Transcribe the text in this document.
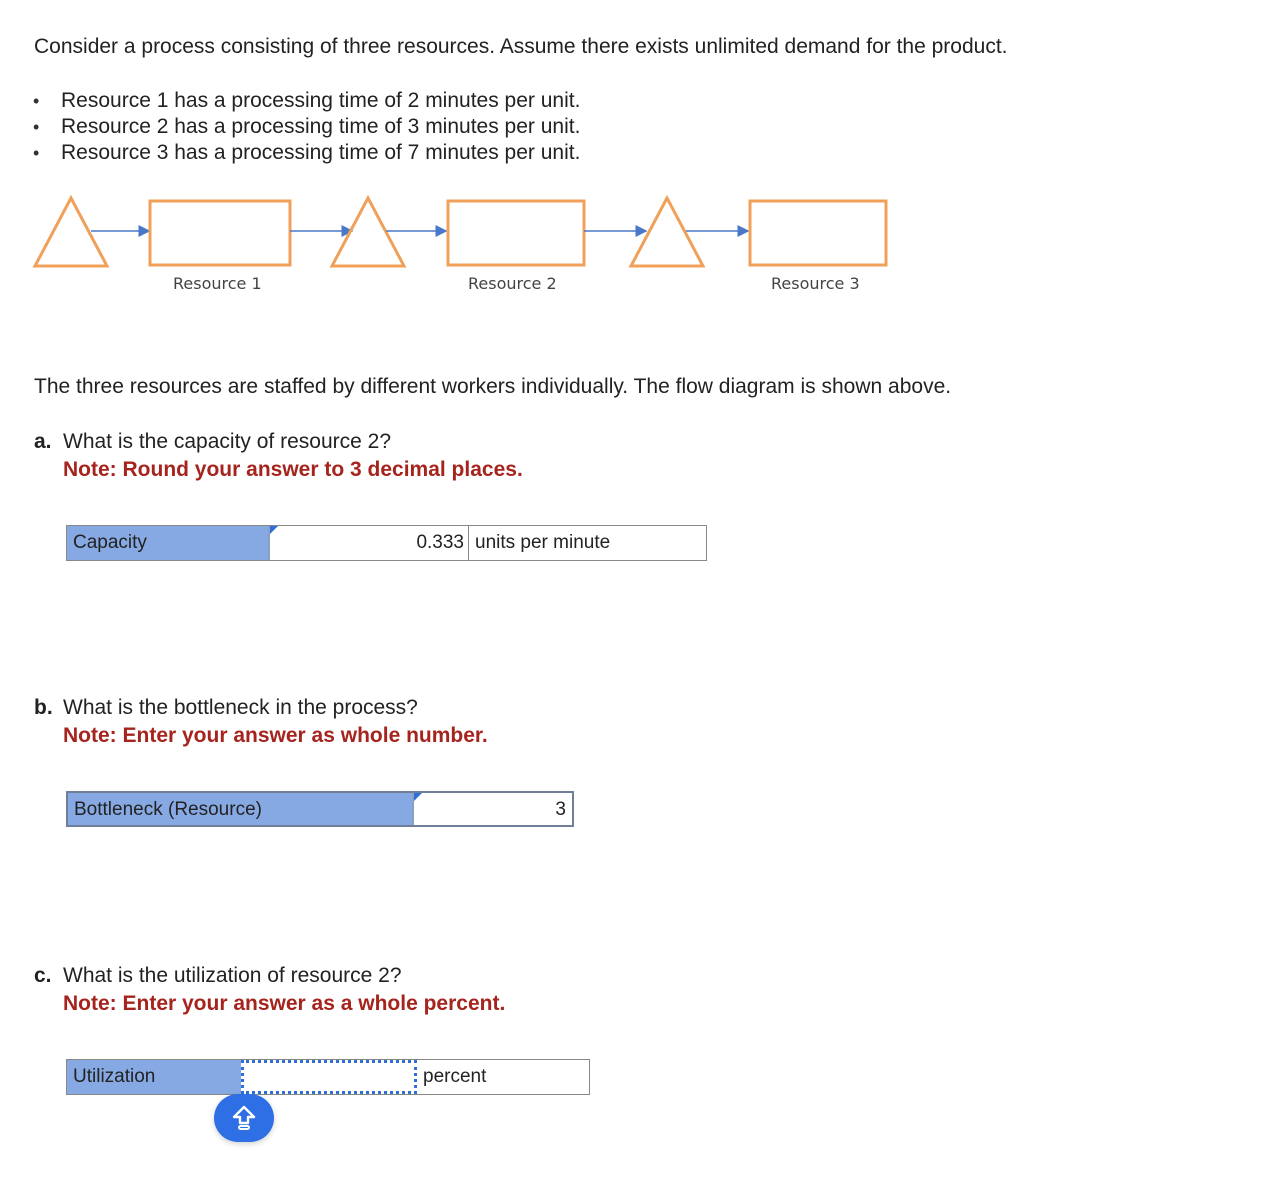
Consider a process consisting of three resources. Assume there exists unlimited demand for the product.
• Resource 1 has a processing time of 2 minutes per unit.
• Resource 2 has a processing time of 3 minutes per unit.
• Resource 3 has a processing time of 7 minutes per unit.
Resource 1	Resource 2	Resource 3
The three resources are staffed by different workers individually. The flow diagram is shown above.
a. What is the capacity of resource 2?
Note: Round your answer to 3 decimal places.
Capacity	0.333 units per minute
b. What is the bottleneck in the process?
Note: Enter your answer as whole number.
Bottleneck (Resource)	3
c. What is the utilization of resource 2?
Note: Enter your answer as a whole percent.
Utilization	percent
